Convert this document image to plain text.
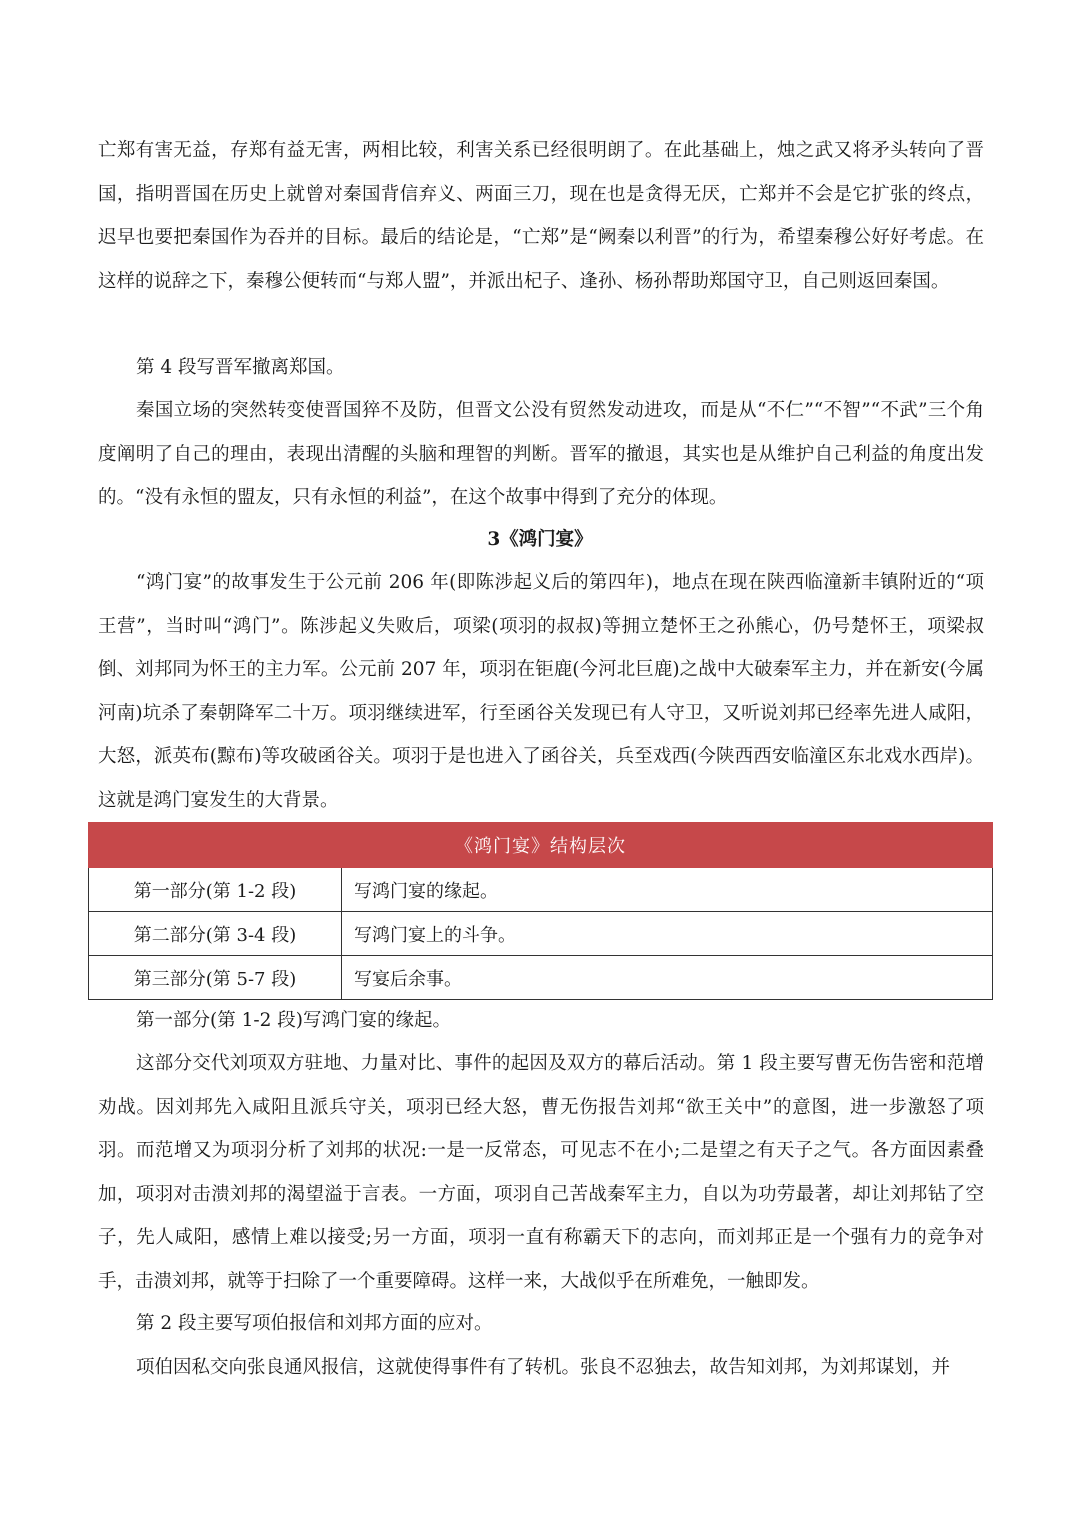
亡郑有害无益，存郑有益无害，两相比较，利害关系已经很明朗了。在此基础上，烛之武又将矛头转向了晋国，指明晋国在历史上就曾对秦国背信弃义、两面三刀，现在也是贪得无厌，亡郑并不会是它扩张的终点，迟早也要把秦国作为吞并的目标。最后的结论是，“亡郑”是“阙秦以利晋”的行为，希望秦穆公好好考虑。在这样的说辞之下，秦穆公便转而“与郑人盟”，并派出杞子、逢孙、杨孙帮助郑国守卫，自己则返回秦国。

第 4 段写晋军撤离郑国。

秦国立场的突然转变使晋国猝不及防，但晋文公没有贸然发动进攻，而是从“不仁”“不智”“不武”三个角度阐明了自己的理由，表现出清醒的头脑和理智的判断。晋军的撤退，其实也是从维护自己利益的角度出发的。“没有永恒的盟友，只有永恒的利益”，在这个故事中得到了充分的体现。

3《鸿门宴》

“鸿门宴”的故事发生于公元前 206 年(即陈涉起义后的第四年)，地点在现在陕西临潼新丰镇附近的“项王营”，当时叫“鸿门”。陈涉起义失败后，项梁(项羽的叔叔)等拥立楚怀王之孙熊心，仍号楚怀王，项梁叔倒、刘邦同为怀王的主力军。公元前 207 年，项羽在钜鹿(今河北巨鹿)之战中大破秦军主力，并在新安(今属河南)坑杀了秦朝降军二十万。项羽继续进军，行至函谷关发现已有人守卫，又听说刘邦已经率先进人咸阳，大怒，派英布(黥布)等攻破函谷关。项羽于是也进入了函谷关，兵至戏西(今陕西西安临潼区东北戏水西岸)。这就是鸿门宴发生的大背景。

《鸿门宴》结构层次	
第一部分(第 1-2 段)	写鸿门宴的缘起。
第二部分(第 3-4 段)	写鸿门宴上的斗争。
第三部分(第 5-7 段)	写宴后余事。

第一部分(第 1-2 段)写鸿门宴的缘起。

这部分交代刘项双方驻地、力量对比、事件的起因及双方的幕后活动。第 1 段主要写曹无伤告密和范增劝战。因刘邦先入咸阳且派兵守关，项羽已经大怒，曹无伤报告刘邦“欲王关中”的意图，进一步激怒了项羽。而范增又为项羽分析了刘邦的状况:一是一反常态，可见志不在小;二是望之有天子之气。各方面因素叠加，项羽对击溃刘邦的渴望溢于言表。一方面，项羽自己苦战秦军主力，自以为功劳最著，却让刘邦钻了空子，先人咸阳，感情上难以接受;另一方面，项羽一直有称霸天下的志向，而刘邦正是一个强有力的竞争对手，击溃刘邦，就等于扫除了一个重要障碍。这样一来，大战似乎在所难免，一触即发。

第 2 段主要写项伯报信和刘邦方面的应对。

项伯因私交向张良通风报信，这就使得事件有了转机。张良不忍独去，故告知刘邦，为刘邦谋划，并
